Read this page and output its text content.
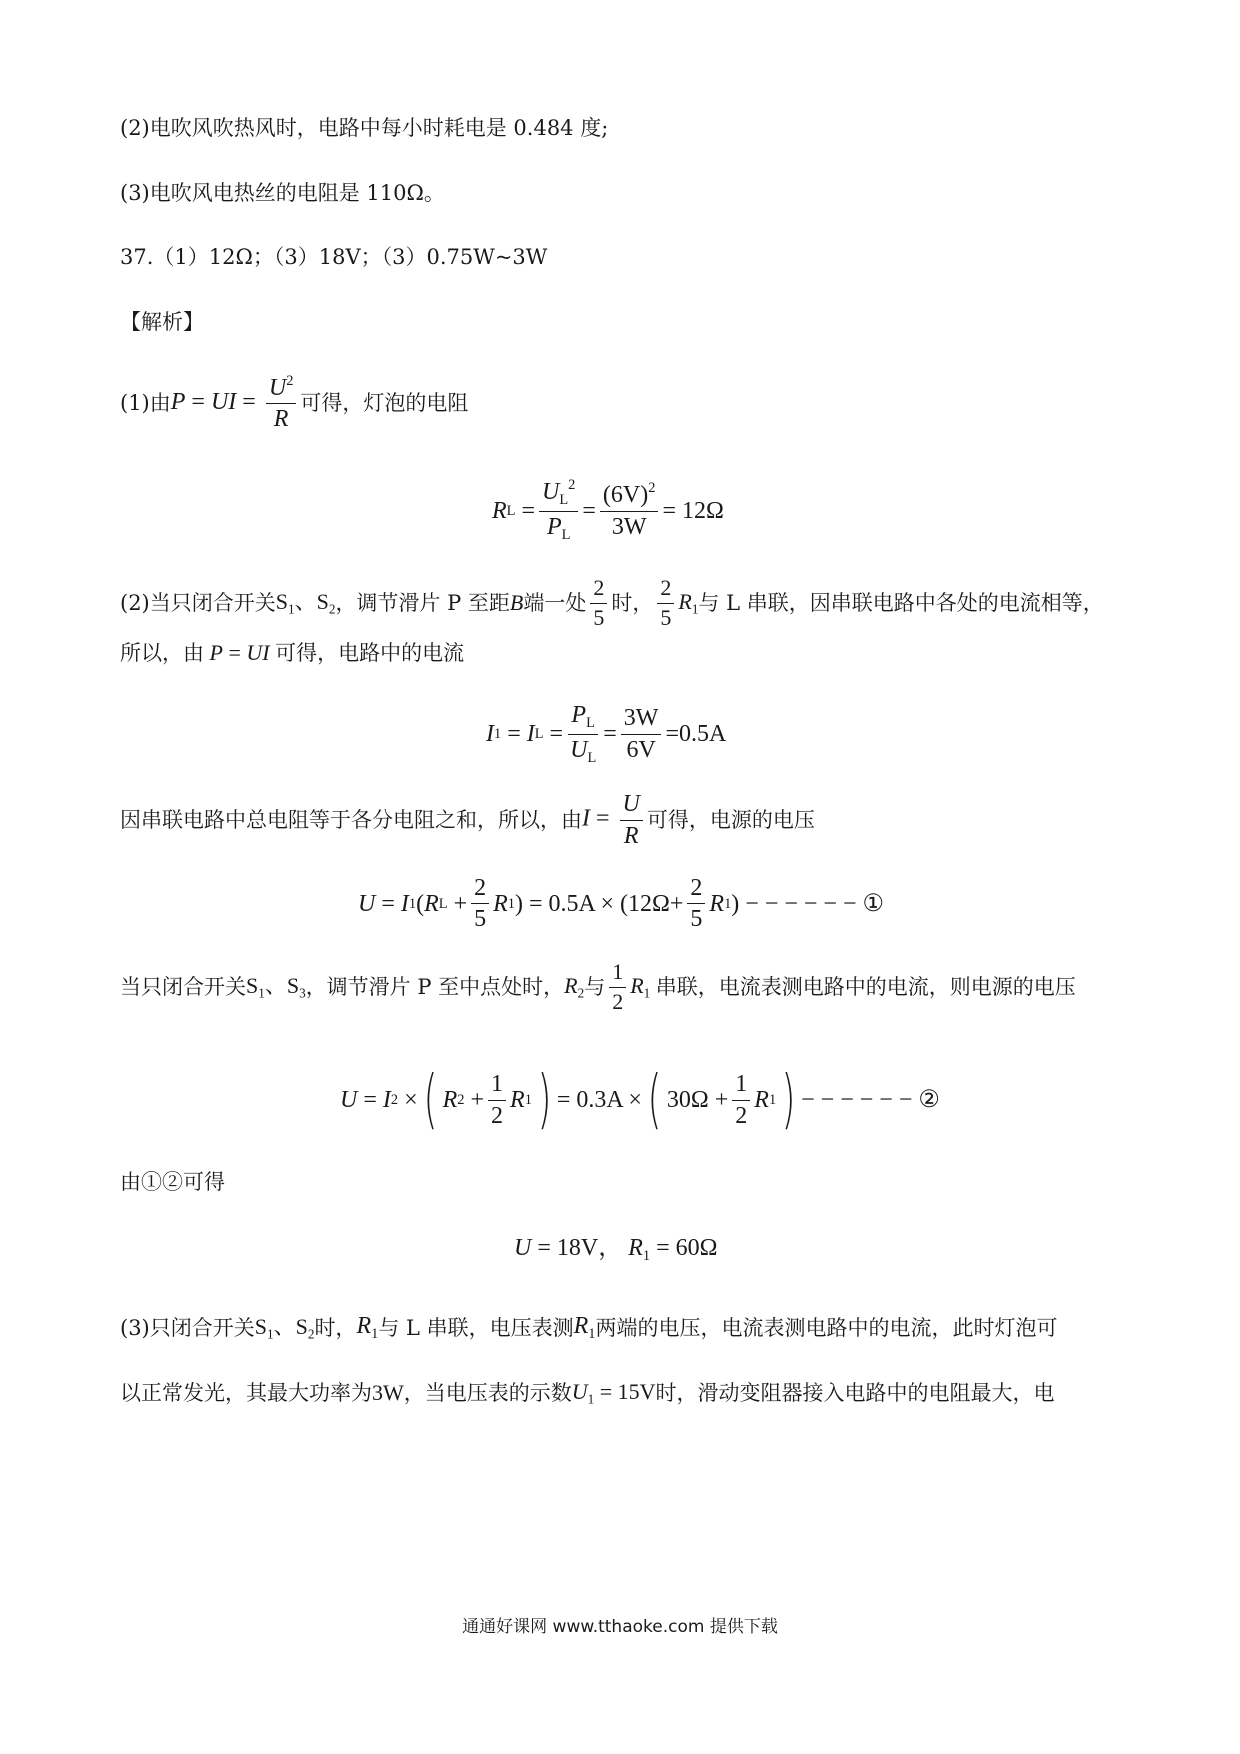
(2)电吹风吹热风时，电路中每小时耗电是 0.484 度;
(3)电吹风电热丝的电阻是 110Ω。
37.（1）12Ω；（3）18V；（3）0.75W~3W
【解析】
(1)由 P = UI = $\frac{U^2}{R}$ 可得，灯泡的电阻
R $L = \frac{U_L^2}{P_L} = \frac{(6V)^2}{3W} = 12\Omega$
(2)当只闭合开关 $S_1$、$S_2$ ，调节滑片 P 至距 B 端一处 $\frac{2}{5}$ 时， $\frac{2}{5} R_1$ 与 L 串联，因串联电路中各处的电流相等，
所以，由 P = UI 可得，电路中的电流
I 1 = I $L = \frac{P_L}{U_L} = \frac{3W}{6V} =0.5A$
因串联电路中总电阻等于各分电阻之和，所以，由 $I = \frac{U}{R}$ 可得，电源的电压
U = I 1 ( R $L + \frac{2}{5}$ R 1 ) = $0.5A \times (12\Omega+ \frac{2}{5}$ R 1 ) − − − − − − ①
当只闭合开关 $S_1$、$S_3$ ，调节滑片 P 至中点处时， $R_2$ 与 $\frac{1}{2} R_1$ 串联，电流表测电路中的电流，则电源的电压
U = I 2 × ( R $2 + \frac{1}{2}$ R 1 ) = 0.3A × ( $30\Omega + \frac{1}{2}$ R 1 ) − − − − − − ②
由①②可得
U = 18V， $R_1 = 60\Omega$
(3)只闭合开关 $S_1$、$S_2$ 时， $R_1$ 与 L 串联，电压表测 $R_1$ 两端的电压，电流表测电路中的电流，此时灯泡可
以正常发光，其最大功率为 3W ，当电压表的示数 $U_1 = 15V$ 时，滑动变阻器接入电路中的电阻最大，电
通通好课网 www.tthaoke.com 提供下载
